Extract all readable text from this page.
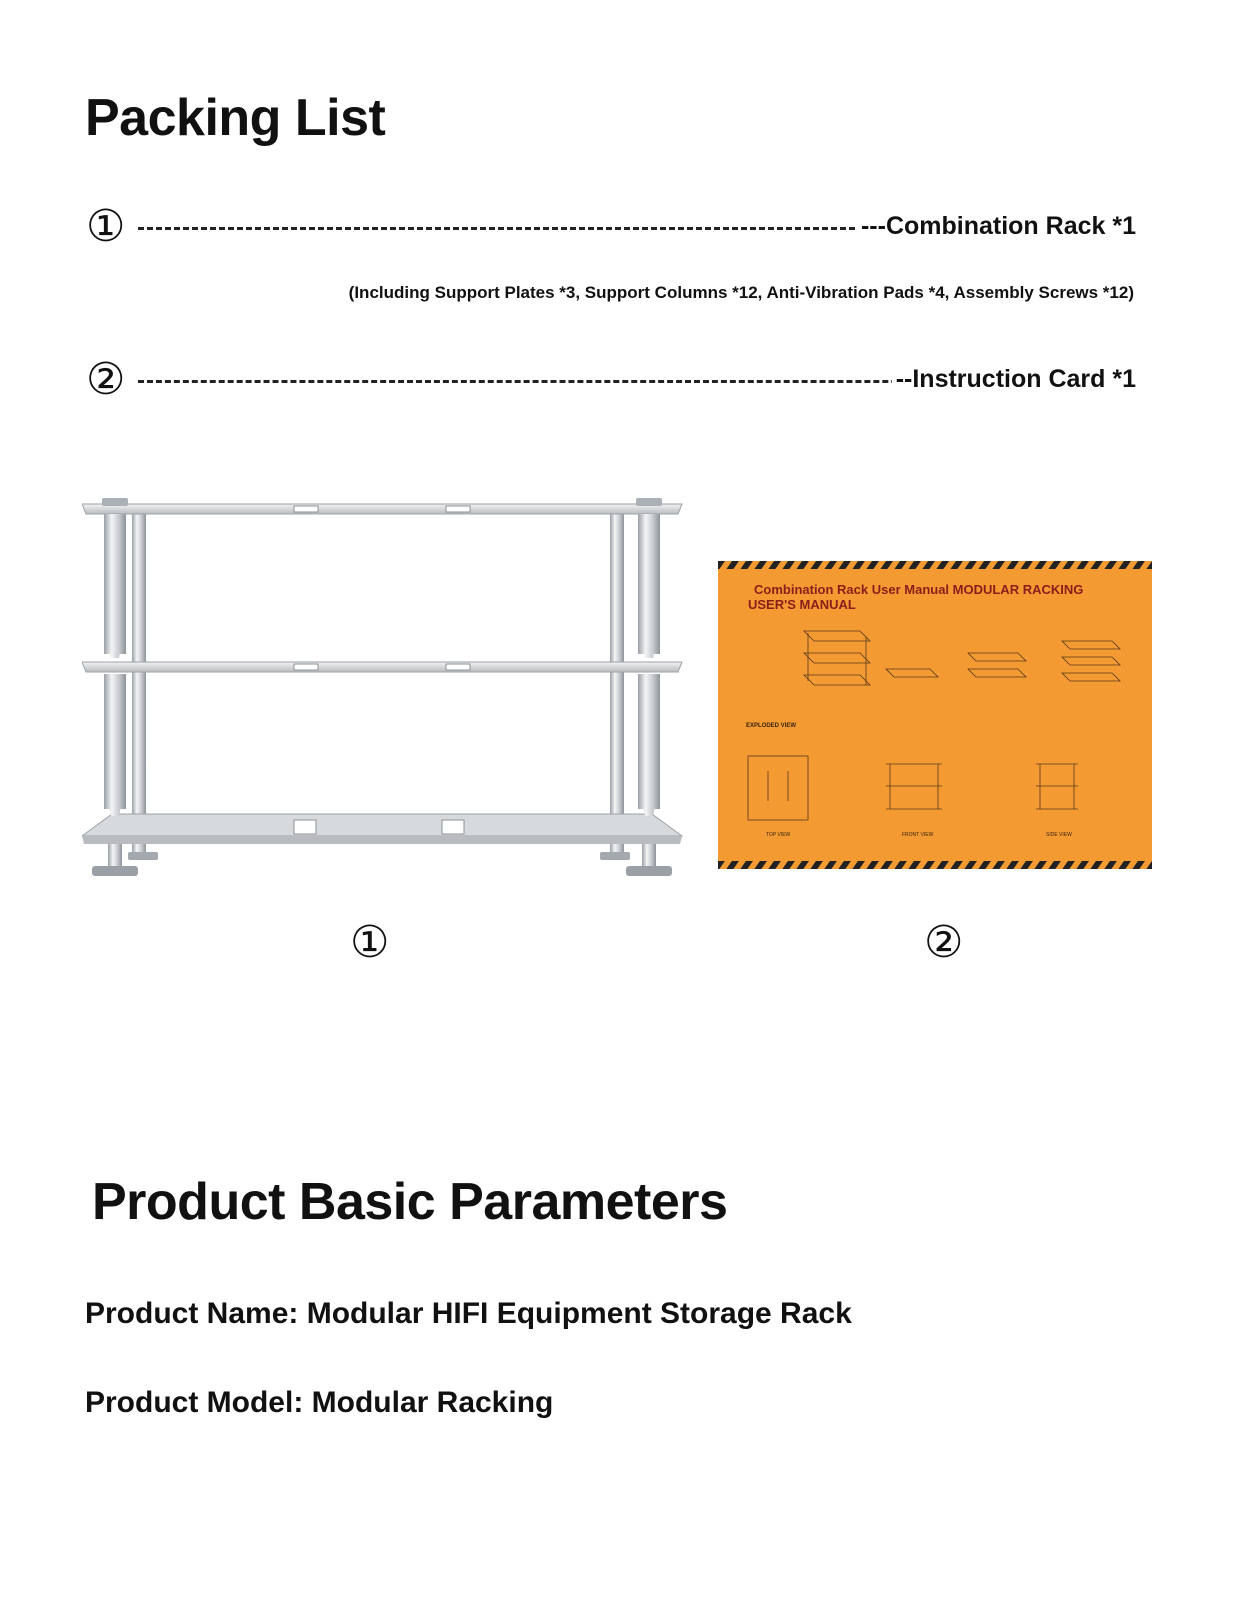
Packing List
①	---Combination Rack *1
(Including Support Plates *3, Support Columns *12, Anti-Vibration Pads *4, Assembly Screws *12)
②	--Instruction Card *1
Combination Rack User Manual MODULAR RACKING
USER'S MANUAL
EXPLODED VIEW
TOP VIEW	FRONT VIEW	SIDE VIEW
①	②
Product Basic Parameters
Product Name: Modular HIFI Equipment Storage Rack
Product Model: Modular Racking
